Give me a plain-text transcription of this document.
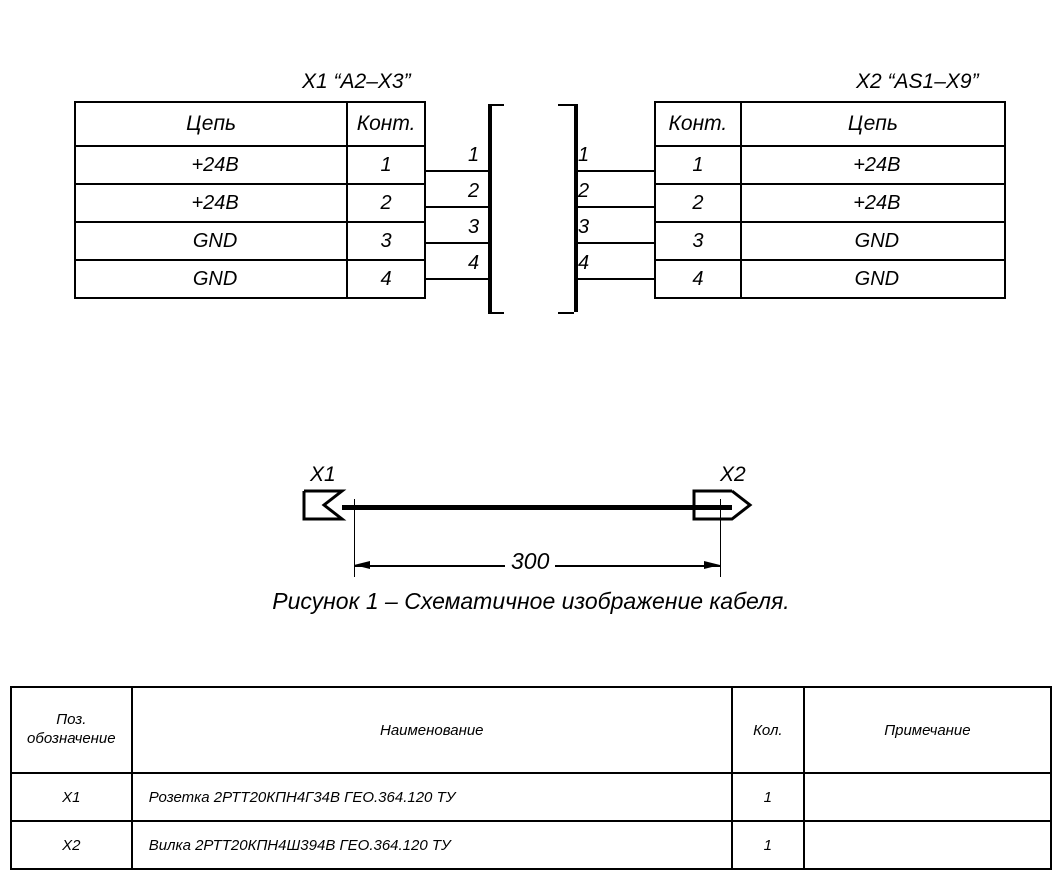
X1 “A2–X3”
Цепь	Конт.
+24В	1
+24В	2
GND	3
GND	4
X2 “AS1–X9”
Конт.	Цепь
1	+24В
2	+24В
3	GND
4	GND
1
2
3
4
1
2
3
4
300
X1	X2
Рисунок 1 – Схематичное изображение кабеля.
Поз.
обозначение	Наименование	Кол.	Примечание
X1	Розетка 2РТТ20КПН4Г34В ГЕО.364.120 ТУ	1	
X2	Вилка 2РТТ20КПН4Ш394В ГЕО.364.120 ТУ	1	
